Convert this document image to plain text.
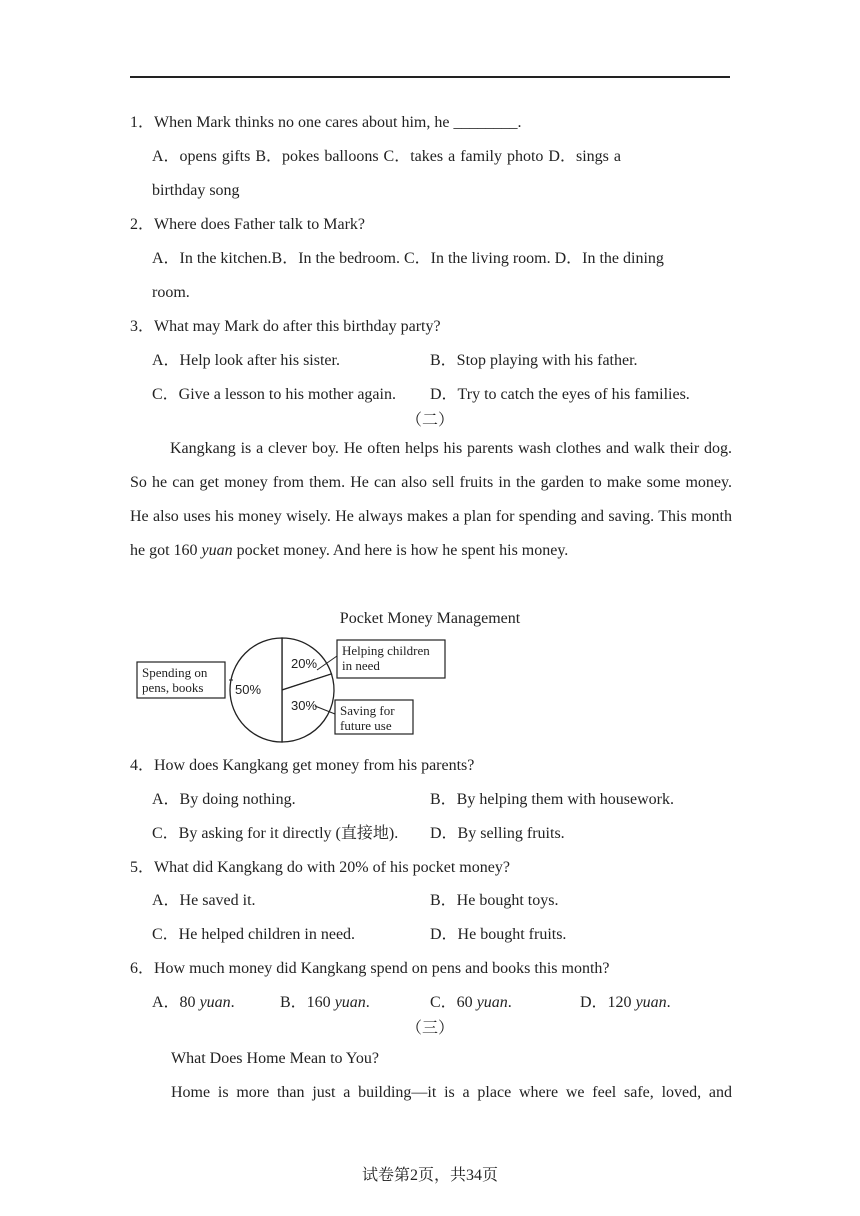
1．When Mark thinks no one cares about him, he ________.
A．opens gifts B．pokes balloons C．takes a family photo D．sings a
birthday song
2．Where does Father talk to Mark?
A．In the kitchen.B．In the bedroom. C．In the living room. D．In the dining
room.
3．What may Mark do after this birthday party?
A．Help look after his sister.	B．Stop playing with his father.
C．Give a lesson to his mother again. D．Try to catch the eyes of his families.
（二）
Kangkang is a clever boy. He often helps his parents wash clothes and walk their dog. So he can get money from them. He can also sell fruits in the garden to make some money. He also uses his money wisely. He always makes a plan for spending and saving. This month he got 160 yuan pocket money. And here is how he spent his money.
Pocket Money Management
20%
30%
50%
Spending on
pens, books
Helping children
in need
Saving for
future use
4．How does Kangkang get money from his parents?
A．By doing nothing.	B．By helping them with housework.
C．By asking for it directly (直接地). D．By selling fruits.
5．What did Kangkang do with 20% of his pocket money?
A．He saved it.	B．He bought toys.
C．He helped children in need.	D．He bought fruits.
6．How much money did Kangkang spend on pens and books this month?
A．80 yuan.	B．160 yuan.	C．60 yuan.	D．120 yuan.
（三）
What Does Home Mean to You?
Home is more than just a building—it is a place where we feel safe, loved, and
试卷第2页，共34页
